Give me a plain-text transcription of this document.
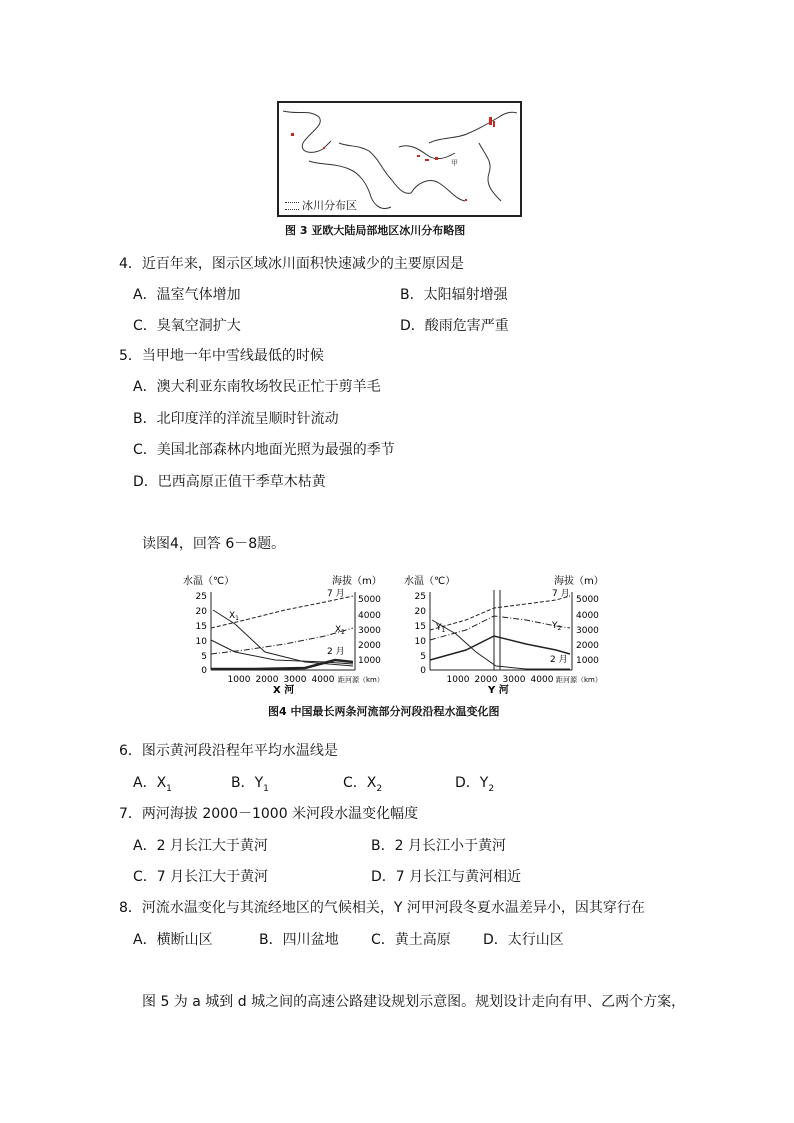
甲
冰川分布区
图 3 亚欧大陆局部地区冰川分布略图
4．近百年来，图示区域冰川面积快速减少的主要原因是
A．温室气体增加	B．太阳辐射增强
C．臭氧空洞扩大	D．酸雨危害严重
5．当甲地一年中雪线最低的时候
A．澳大利亚东南牧场牧民正忙于剪羊毛
B．北印度洋的洋流呈顺时针流动
C．美国北部森林内地面光照为最强的季节
D．巴西高原正值干季草木枯黄
读图4，回答 6－8题。
水温（℃）	海拔（m）
25
20
15
10
5
0
5000
4000
3000
2000
1000
7 月
2 月
$X_1$
$X_2$
1000 2000 3000 4000 距河源（km）
X 河
水温（℃）	海拔（m）
25
20
15
10
5
0
5000
4000
3000
2000
1000
7 月
2 月
$Y_1$	$Y_2$
1000 2000 3000 4000 距河源（km）
Y 河
图4 中国最长两条河流部分河段沿程水温变化图
6．图示黄河段沿程年平均水温线是
A．$X_1$	B．$Y_1$	C．$X_2$	D．$Y_2$
7．两河海拔 2000－1000 米河段水温变化幅度
A．2 月长江大于黄河	B．2 月长江小于黄河
C．7 月长江大于黄河	D．7 月长江与黄河相近
8．河流水温变化与其流经地区的气候相关，Y 河甲河段冬夏水温差异小，因其穿行在
A．横断山区	B．四川盆地 C．黄土高原 D．太行山区
图 5 为 a 城到 d 城之间的高速公路建设规划示意图。规划设计走向有甲、乙两个方案，
